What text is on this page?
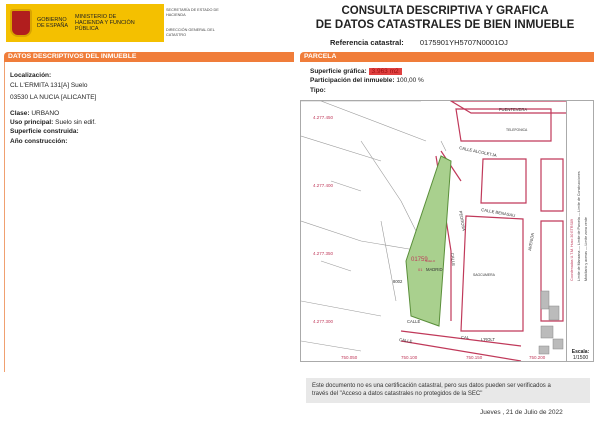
GOBIERNO DE ESPAÑA
MINISTERIO DE HACIENDA Y FUNCIÓN PÚBLICA
SECRETARÍA DE ESTADO DE HACIENDA
DIRECCIÓN GENERAL DEL CATASTRO
CONSULTA DESCRIPTIVA Y GRAFICA
DE DATOS CATASTRALES DE BIEN INMUEBLE
Referencia catastral: 0175901YH5707N0001OJ
DATOS DESCRIPTIVOS DEL INMUEBLE
Localización:
CL L'ERMITA 131[A] Suelo
03530 LA NUCIA [ALICANTE]
Clase: URBANO
Uso principal: Suelo sin edif.
Superficie construida:
Año construcción:
PARCELA
Superficie gráfica: 3.963 m2
Participación del inmueble: 100,00 %
Tipo:
4.277.450
4.277.400
4.277.350
4.277.300
750.050	750.100	750.150	750.200
FUENTEVERA
TELEFONICA
CALLE ALCOLETJA
CALLE BENASAU
PEDROSA
AVENIDA
SAGCUMERA
CALLE
CALLE
MADRID
CALLE	CAL	L'ROLT
8002
01759
01
SUELO	Coordenadas U.T.M. Huso 30 ETRS89 Limite de Manzana — Limite de Parcela — Limite de Construcciones Mobiliario y aceras — Limite zona verde
Escala:
1/1500
Este documento no es una certificación catastral, pero sus datos pueden ser verificados a
través del "Acceso a datos catastrales no protegidos de la SEC"
Jueves , 21 de Julio de 2022
